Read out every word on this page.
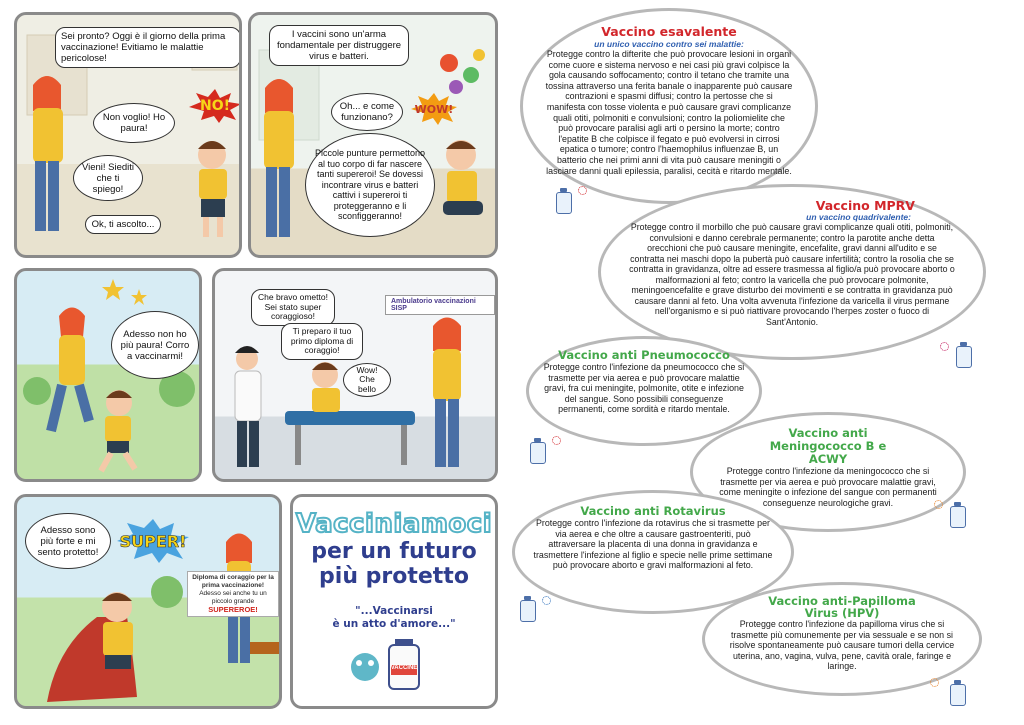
Sei pronto? Oggi è il giorno della prima vaccinazione! Evitiamo le malattie pericolose!
Non voglio! Ho paura!
NO!
Vieni! Siediti che ti spiego!
Ok, ti ascolto...
I vaccini sono un'arma fondamentale per distruggere virus e batteri.
Oh... e come funzionano?
WOW!
Piccole punture permettono al tuo corpo di far nascere tanti supereroi! Se dovessi incontrare virus e batteri cattivi i supereroi ti proteggeranno e li sconfiggeranno!
Adesso non ho più paura! Corro a vaccinarmi!
Ambulatorio vaccinazioni SISP
Che bravo ometto! Sei stato super coraggioso!
Ti preparo il tuo primo diploma di coraggio!
Wow! Che bello
Adesso sono più forte e mi sento protetto!
SUPER!
Diploma di coraggio per la prima vaccinazione!
Adesso sei anche tu un piccolo grande
SUPEREROE!
Vacciniamoci
per un futuro
più protetto
"...Vaccinarsi
è un atto d'amore..."
VACCINE
Vaccino esavalente
un unico vaccino contro sei malattie:
Protegge contro la difterite che può provocare lesioni in organi come cuore e sistema nervoso e nei casi più gravi colpisce la gola causando soffocamento; contro il tetano che tramite una tossina attraverso una ferita banale o inapparente può causare contrazioni e spasmi diffusi; contro la pertosse che si manifesta con tosse violenta e può causare gravi complicanze quali otiti, polmoniti e convulsioni; contro la poliomielite che può provocare paralisi agli arti o persino la morte; contro l'epatite B che colpisce il fegato e può evolversi in cirrosi epatica o tumore; contro l'haemophilus influenzae B, un batterio che nei primi anni di vita può causare meningiti o lasciare danni quali epilessia, paralisi, cecità e ritardo mentale.
Vaccino MPRV
un vaccino quadrivalente:
Protegge contro il morbillo che può causare gravi complicanze quali otiti, polmoniti, convulsioni e danno cerebrale permanente; contro la parotite anche detta orecchioni che può causare meningite, encefalite, gravi danni all'udito e se contratta nei maschi dopo la pubertà può causare infertilità; contro la rosolia che se contratta in gravidanza, oltre ad essere trasmessa al figlio/a può provocare aborto o malformazioni al feto; contro la varicella che può provocare polmonite, meningoencefalite e grave disturbo dei movimenti e se contratta in gravidanza può causare danni al feto. Una volta avvenuta l'infezione da varicella il virus permane nell'organismo e si può riattivare provocando l'herpes zoster o fuoco di Sant'Antonio.
Vaccino anti Pneumococco
Protegge contro l'infezione da pneumococco che si trasmette per via aerea e può provocare malattie gravi, fra cui meningite, polmonite, otite e infezione del sangue. Sono possibili conseguenze permanenti, come sordità e ritardo mentale.
Vaccino anti Meningococco B e ACWY
Protegge contro l'infezione da meningococco che si trasmette per via aerea e può provocare malattie gravi, come meningite o infezione del sangue con permanenti conseguenze neurologiche gravi.
Vaccino anti Rotavirus
Protegge contro l'infezione da rotavirus che si trasmette per via aerea e che oltre a causare gastroenteriti, può attraversare la placenta di una donna in gravidanza e trasmettere l'infezione al figlio e specie nelle prime settimane può provocare aborto e gravi malformazioni al feto.
Vaccino anti-Papilloma Virus (HPV)
Protegge contro l'infezione da papilloma virus che si trasmette più comunemente per via sessuale e se non si risolve spontaneamente può causare tumori della cervice uterina, ano, vagina, vulva, pene, cavità orale, faringe e laringe.
